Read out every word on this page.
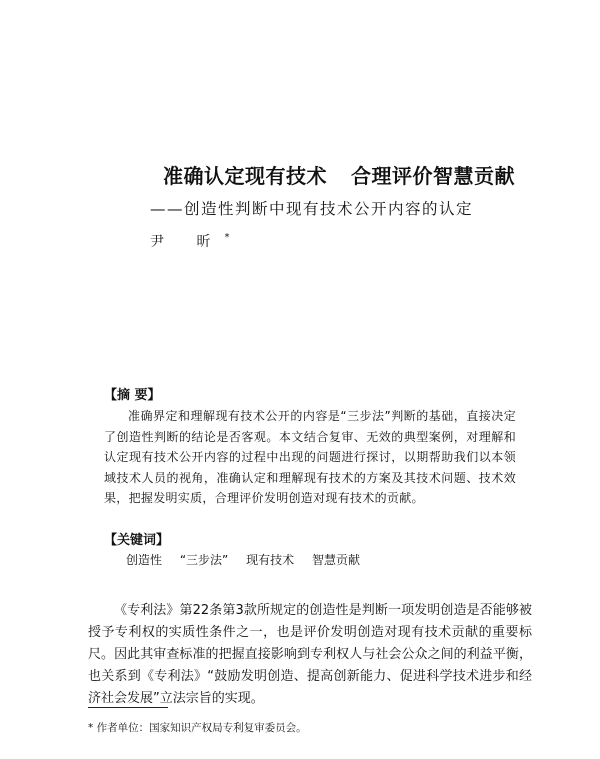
准确认定现有技术 合理评价智慧贡献

——创造性判断中现有技术公开内容的认定

尹 昕*

【摘 要】

准确界定和理解现有技术公开的内容是“三步法”判断的基础，直接决定了创造性判断的结论是否客观。本文结合复审、无效的典型案例，对理解和认定现有技术公开内容的过程中出现的问题进行探讨，以期帮助我们以本领域技术人员的视角，准确认定和理解现有技术的方案及其技术问题、技术效果，把握发明实质，合理评价发明创造对现有技术的贡献。

【关键词】

创造性 “三步法” 现有技术 智慧贡献

《专利法》第22条第3款所规定的创造性是判断一项发明创造是否能够被授予专利权的实质性条件之一，也是评价发明创造对现有技术贡献的重要标尺。因此其审查标准的把握直接影响到专利权人与社会公众之间的利益平衡，也关系到《专利法》“鼓励发明创造、提高创新能力、促进科学技术进步和经济社会发展”立法宗旨的实现。

* 作者单位：国家知识产权局专利复审委员会。
